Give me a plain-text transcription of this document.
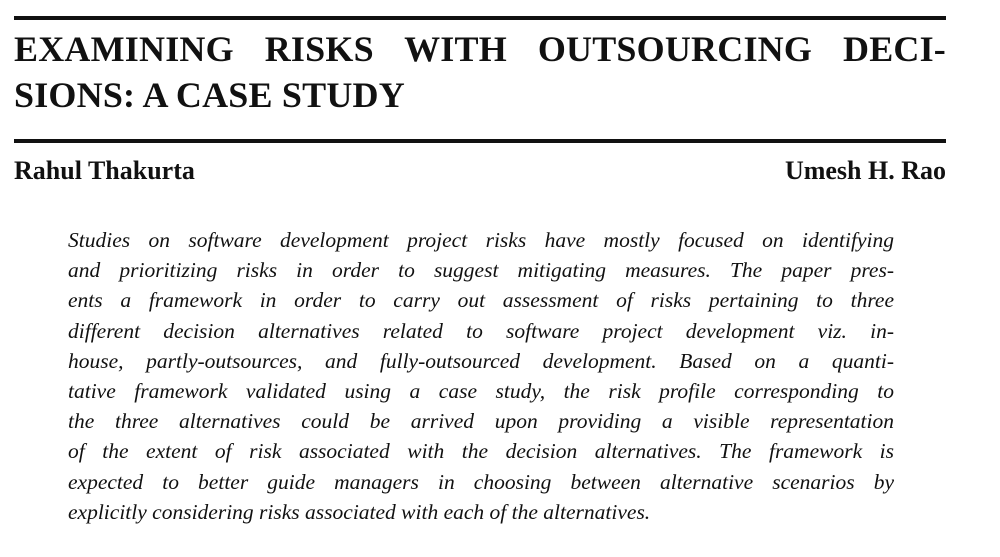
EXAMINING RISKS WITH OUTSOURCING DECI-
SIONS: A CASE STUDY
Rahul Thakurta	Umesh H. Rao
Studies on software development project risks have mostly focused on identifying
and prioritizing risks in order to suggest mitigating measures. The paper pres-
ents a framework in order to carry out assessment of risks pertaining to three
different decision alternatives related to software project development viz. in-
house, partly-outsources, and fully-outsourced development. Based on a quanti-
tative framework validated using a case study, the risk profile corresponding to
the three alternatives could be arrived upon providing a visible representation
of the extent of risk associated with the decision alternatives. The framework is
expected to better guide managers in choosing between alternative scenarios by
explicitly considering risks associated with each of the alternatives.
